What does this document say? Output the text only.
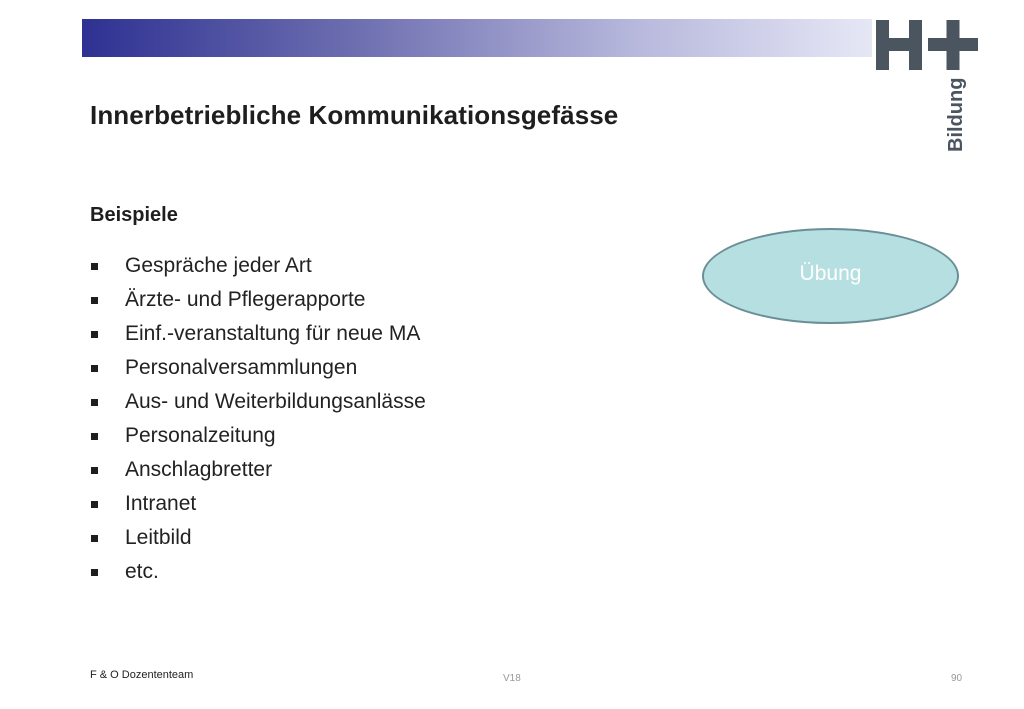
Bildung
Innerbetriebliche Kommunikationsgefässe
Beispiele
Gespräche jeder Art
Ärzte- und Pflegerapporte
Einf.-veranstaltung für neue MA
Personalversammlungen
Aus- und Weiterbildungsanlässe
Personalzeitung
Anschlagbretter
Intranet
Leitbild
etc.
Übung
F & O Dozententeam	V18	90
